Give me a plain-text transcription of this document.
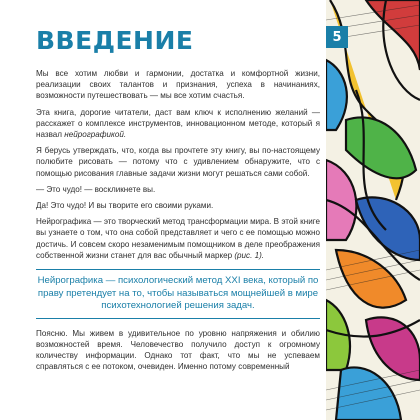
ВВЕДЕНИЕ

Мы все хотим любви и гармонии, достатка и комфортной жизни, реализации своих талантов и признания, успеха в начинаниях, возможности путешествовать — мы все хотим счастья.

Эта книга, дорогие читатели, даст вам ключ к исполнению желаний — расскажет о комплексе инструментов, инновационном методе, который я назвал нейрографикой.

Я берусь утверждать, что, когда вы прочтете эту книгу, вы по-настоящему полюбите рисовать — потому что с удивлением обнаружите, что с помощью рисования главные задачи жизни могут решаться сами собой.

— Это чудо! — воскликнете вы.

Да! Это чудо! И вы творите его своими руками.

Нейрографика — это творческий метод трансформации мира. В этой книге вы узнаете о том, что она собой представляет и чего с ее помощью можно достичь. И совсем скоро незаменимым помощником в деле преображения собственной жизни станет для вас обычный маркер (рис. 1).

Нейрографика — психологический метод XXI века, который по праву претендует на то, чтобы называться мощнейшей в мире психотехнологией решения задач.

Поясню. Мы живем в удивительное по уровню напряжения и обилию возможностей время. Человечество получило доступ к огромному количеству информации. Однако тот факт, что мы не успеваем справляться с ее потоком, очевиден. Именно потому современный

5
